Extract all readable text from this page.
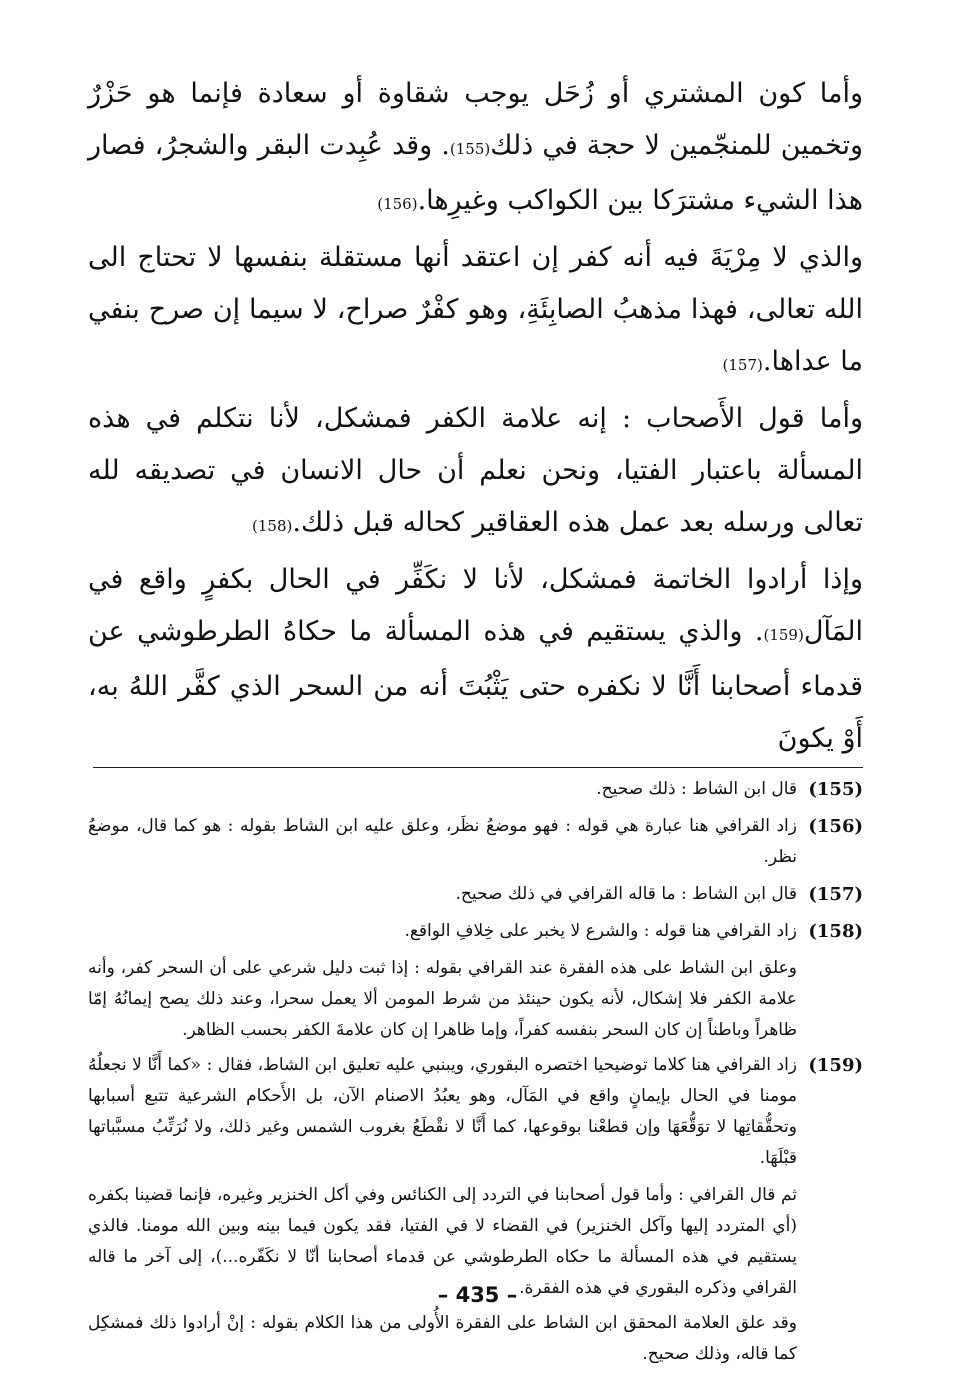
وأما كون المشتري أو زُحَل يوجب شقاوة أو سعادة فإنما هو حَزْرٌ وتخمين للمنجّمين لا حجة في ذلك(155). وقد عُبِدت البقر والشجرُ، فصار هذا الشيء مشترَكا بين الكواكب وغيرِها.(156)

والذي لا مِرْيَةَ فيه أنه كفر إن اعتقد أنها مستقلة بنفسها لا تحتاج الى الله تعالى، فهذا مذهبُ الصابِئَةِ، وهو كفْرٌ صراح، لا سيما إن صرح بنفي ما عداها.(157)

وأما قول الأَصحاب : إنه علامة الكفر فمشكل، لأنا نتكلم في هذه المسألة باعتبار الفتيا، ونحن نعلم أن حال الانسان في تصديقه لله تعالى ورسله بعد عمل هذه العقاقير كحاله قبل ذلك.(158)

وإذا أرادوا الخاتمة فمشكل، لأنا لا نكَفِّر في الحال بكفرٍ واقع في المَآل(159). والذي يستقيم في هذه المسألة ما حكاهُ الطرطوشي عن قدماء أصحابنا أَنَّا لا نكفره حتى يَثْبُتَ أنه من السحر الذي كفَّر اللهُ به، أَوْ يكونَ

(155)
قال ابن الشاط : ذلك صحيح.
(156)
زاد القرافي هنا عبارة هي قوله : فهو موضعُ نظَر، وعلق عليه ابن الشاط بقوله : هو كما قال، موضعُ نظر.
(157)
قال ابن الشاط : ما قاله القرافي في ذلك صحيح.
(158)
زاد القرافي هنا قوله : والشرع لا يخبر على خِلافِ الواقع.
وعلق ابن الشاط على هذه الفقرة عند القرافي بقوله : إذا ثبت دليل شرعي على أن السحر كفر، وأنه علامة الكفر فلا إشكال، لأنه يكون حينئذ من شرط المومن ألا يعمل سحرا، وعند ذلك يصح إيمانُهُ إمّا ظاهراً وباطناً إن كان السحر بنفسه كفراً، وإما ظاهرا إن كان علامةَ الكفر بحسب الظاهر.
(159)
زاد القرافي هنا كلاما توضيحيا اختصره البقوري، ويبنبي عليه تعليق ابن الشاط، فقال : «كما أَنَّا لا نجعلُهُ مومنا في الحال بإيمانٍ واقع في المَآل، وهو يعبُدُ الاصنام الآن، بل الأَحكام الشرعية تتبع أسبابها وتحقُّقاتِها لا توَقُّعَهَا وإن قطعْنا بوقوعها، كما أَنَّا لا نقْطَعُ بغروب الشمس وغير ذلك، ولا نُرَتِّبُ مسبَّباتها قبْلَهَا.
ثم قال القرافي : وأما قول أصحابنا في التردد إلى الكنائس وفي أكل الخنزير وغيره، فإنما قضينا بكفره (أي المتردد إليها وآكل الخنزير) في القضاء لا في الفتيا، فقد يكون فيما بينه وبين الله مومنا. فالذي يستقيم في هذه المسألة ما حكاه الطرطوشي عن قدماء أصحابنا أنّا لا نكَفّره...)، إلى آخر ما قاله القرافي وذكره البقوري في هذه الفقرة.
وقد علق العلامة المحقق ابن الشاط على الفقرة الأُولى من هذا الكلام بقوله : إنْ أرادوا ذلك فمشكِل كما قاله، وذلك صحيح.
– 435 –
